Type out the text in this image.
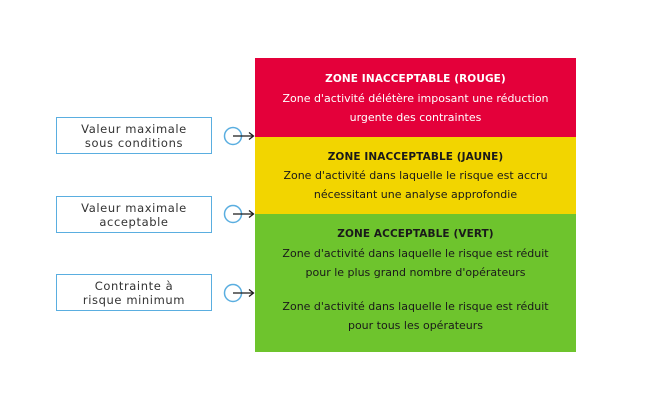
ZONE INACCEPTABLE (ROUGE)
Zone d'activité délétère imposant une réduction
urgente des contraintes
ZONE INACCEPTABLE (JAUNE)
Zone d'activité dans laquelle le risque est accru
nécessitant une analyse approfondie
ZONE ACCEPTABLE (VERT)
Zone d'activité dans laquelle le risque est réduit
pour le plus grand nombre d'opérateurs
Zone d'activité dans laquelle le risque est réduit
pour tous les opérateurs
Valeur maximale
sous conditions
Valeur maximale
acceptable
Contrainte à
risque minimum
